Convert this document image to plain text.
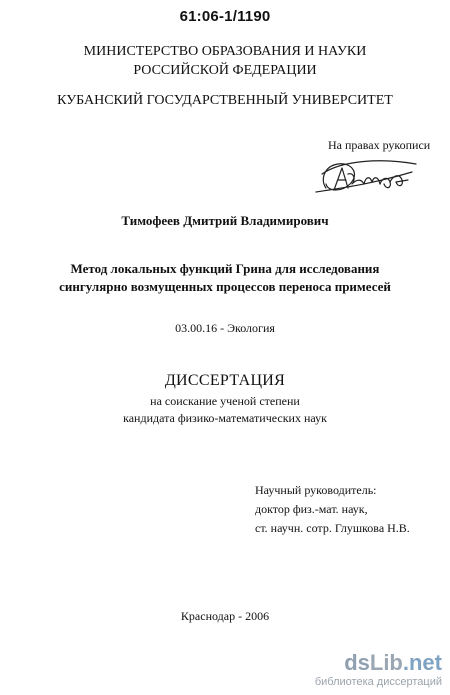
61:06-1/1190
МИНИСТЕРСТВО ОБРАЗОВАНИЯ И НАУКИ
РОССИЙСКОЙ ФЕДЕРАЦИИ
КУБАНСКИЙ ГОСУДАРСТВЕННЫЙ УНИВЕРСИТЕТ
На правах рукописи
Тимофеев Дмитрий Владимирович
Метод локальных функций Грина для исследования
сингулярно возмущенных процессов переноса примесей
03.00.16 - Экология
ДИССЕРТАЦИЯ
на соискание ученой степени
кандидата физико-математических наук
Научный руководитель:
доктор физ.-мат. наук,
ст. научн. сотр. Глушкова Н.В.
Краснодар - 2006
dsLib.net
библиотека диссертаций
